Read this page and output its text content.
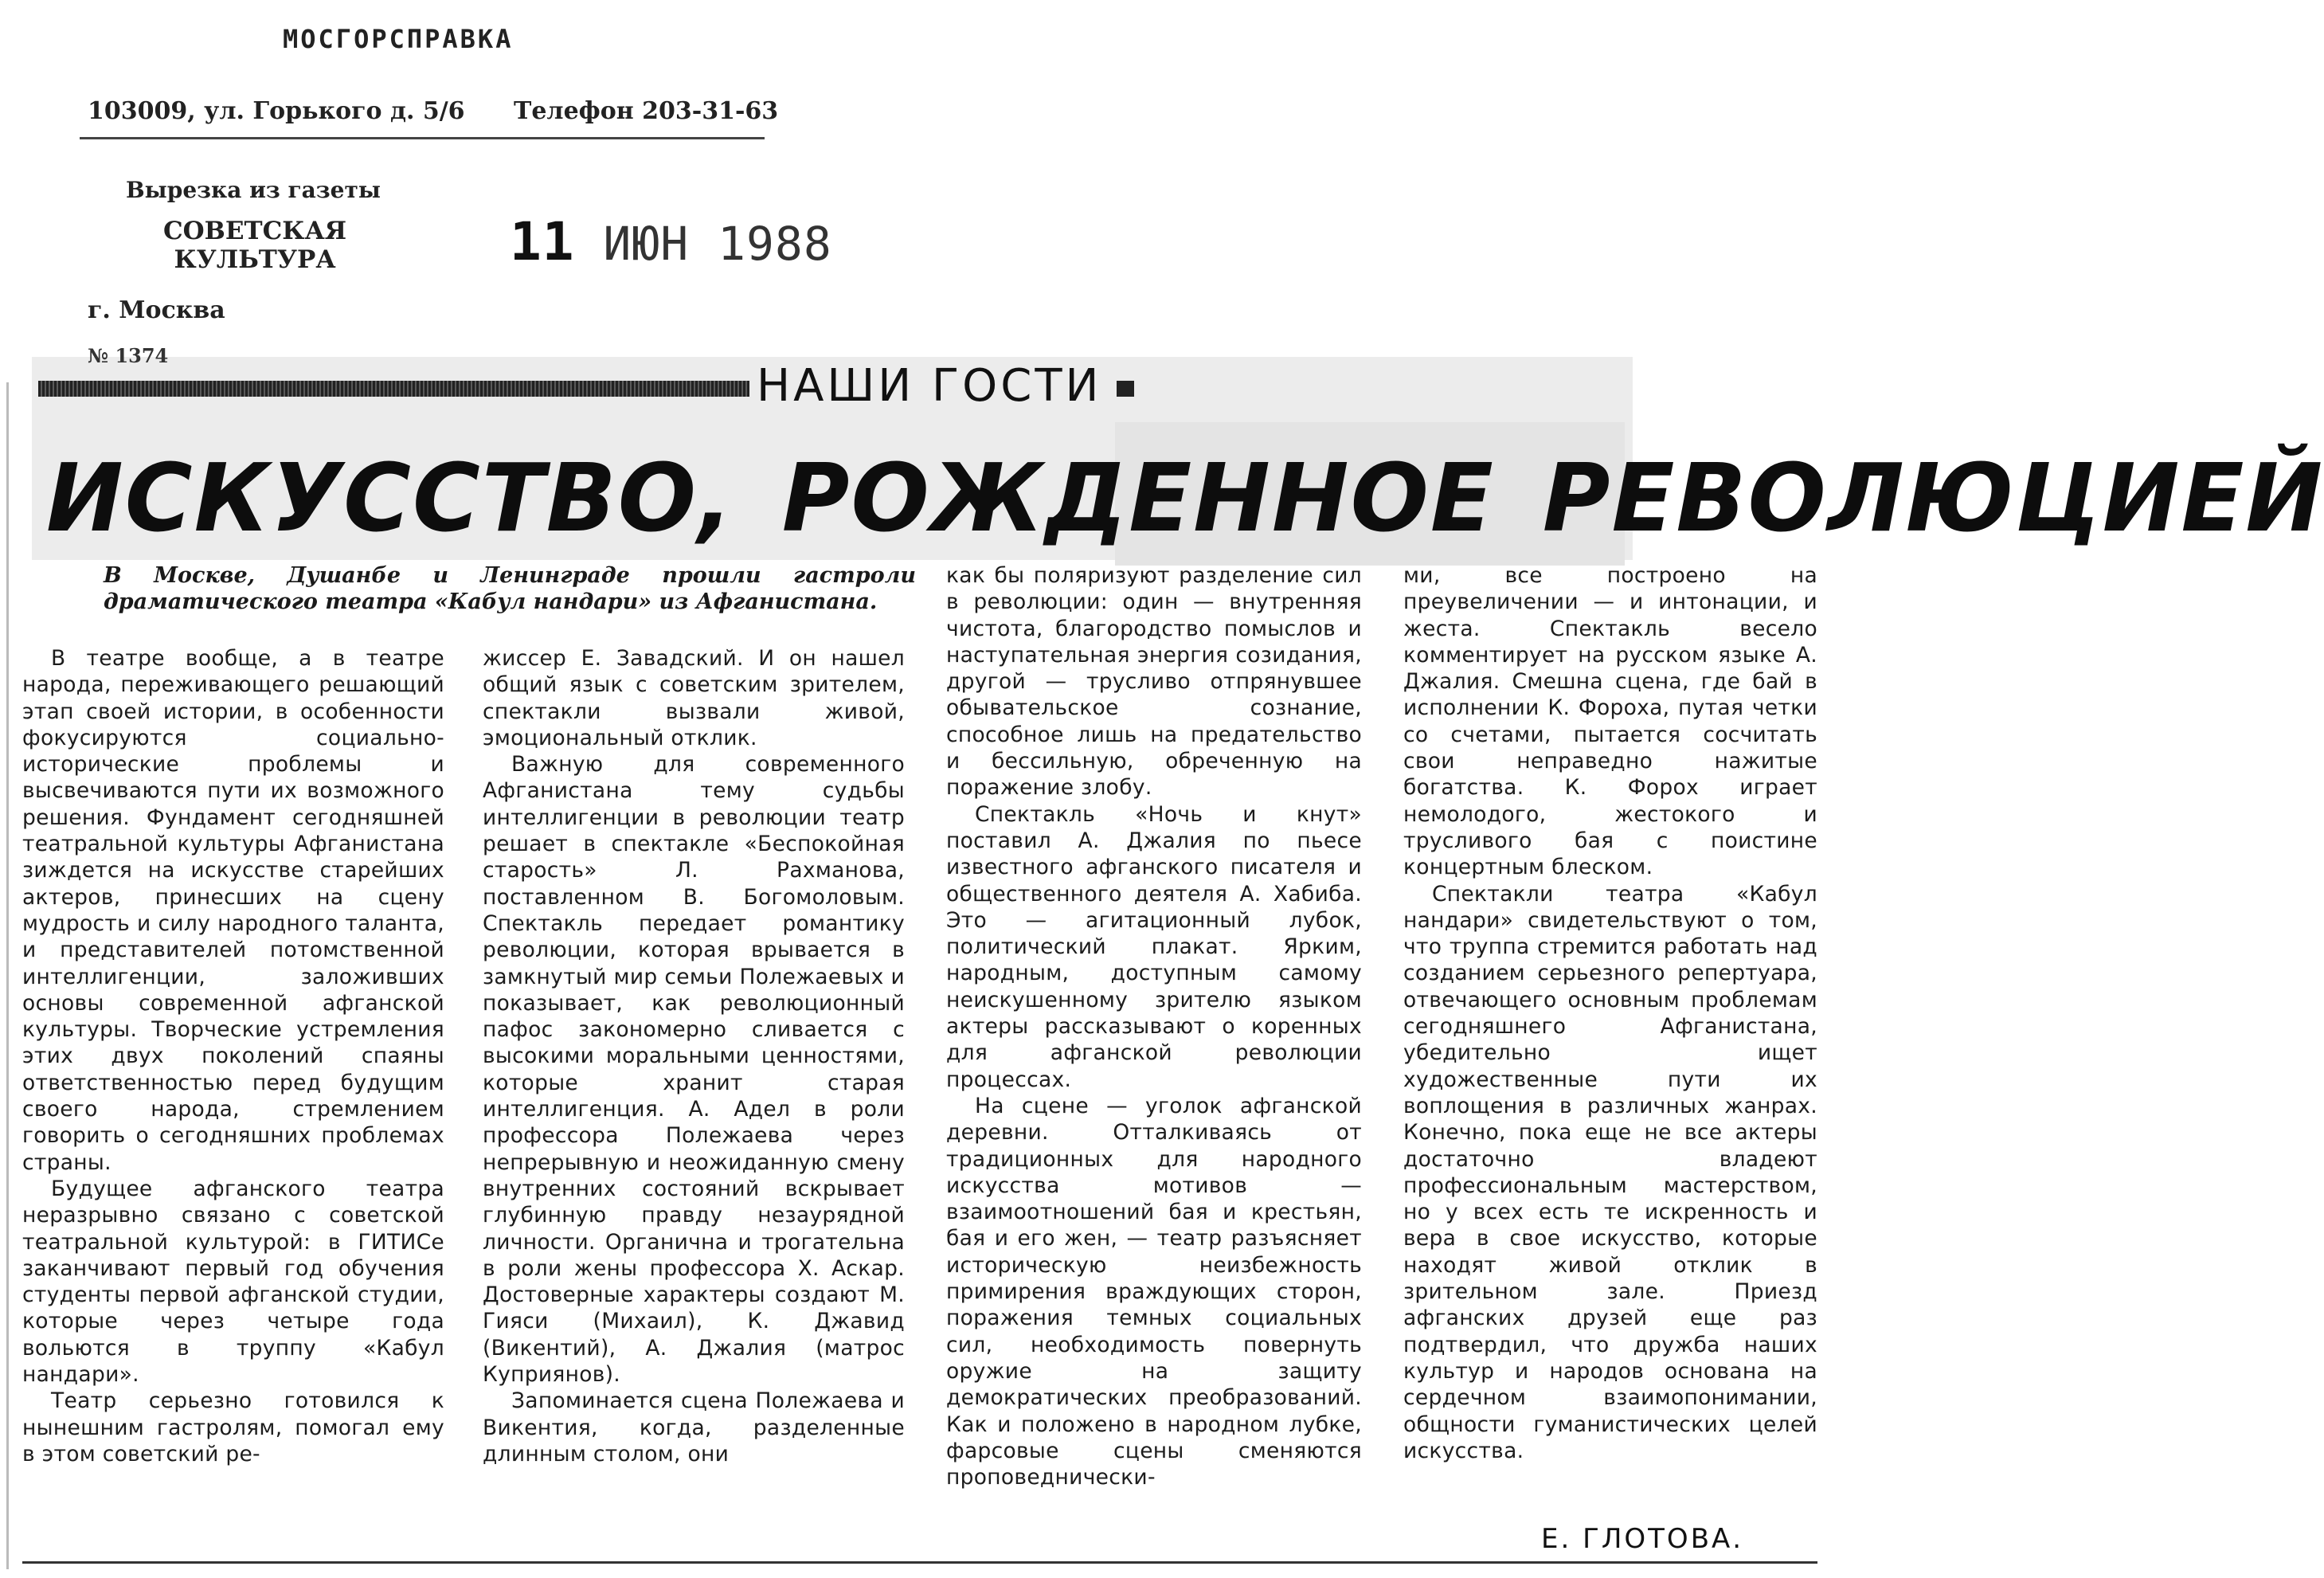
МОСГОРСПРАВКА
103009, ул. Горького д. 5/6 Телефон 203-31-63
Вырезка из газеты
СОВЕТСКАЯ
КУЛЬТУРА	11 ИЮН 1988
г. Москва
№ 1374
НАШИ ГОСТИ
ИСКУССТВО, РОЖДЕННОЕ РЕВОЛЮЦИЕЙ
В Москве, Душанбе и Ленинграде прошли гастроли драматического театра «Кабул нандари» из Афганистана.

В театре вообще, а в театре народа, переживающего решающий этап своей истории, в особенности фокусируются социально-исторические проблемы и высвечиваются пути их возможного решения. Фундамент сегодняшней театральной культуры Афганистана зиждется на искусстве старейших актеров, принесших на сцену мудрость и силу народного таланта, и представителей потомственной интеллигенции, заложивших основы современной афганской культуры. Творческие устремления этих двух поколений спаяны ответственностью перед будущим своего народа, стремлением говорить о сегодняшних проблемах страны.

Будущее афганского театра неразрывно связано с советской театральной культурой: в ГИТИСе заканчивают первый год обучения студенты первой афганской студии, которые через четыре года вольются в труппу «Кабул нандари».

Театр серьезно готовился к нынешним гастролям, помогал ему в этом советский ре-

жиссер Е. Завадский. И он нашел общий язык с советским зрителем, спектакли вызвали живой, эмоциональный отклик.

Важную для современного Афганистана тему судьбы интеллигенции в революции театр решает в спектакле «Беспокойная старость» Л. Рахманова, поставленном В. Богомоловым. Спектакль передает романтику революции, которая врывается в замкнутый мир семьи Полежаевых и показывает, как революционный пафос закономерно сливается с высокими моральными ценностями, которые хранит старая интеллигенция. А. Адел в роли профессора Полежаева через непрерывную и неожиданную смену внутренних состояний вскрывает глубинную правду незаурядной личности. Органична и трогательна в роли жены профессора Х. Аскар. Достоверные характеры создают М. Гияси (Михаил), К. Джавид (Викентий), А. Джалия (матрос Куприянов).

Запоминается сцена Полежаева и Викентия, когда, разделенные длинным столом, они

как бы поляризуют разделение сил в революции: один — внутренняя чистота, благородство помыслов и наступательная энергия созидания, другой — трусливо отпрянувшее обывательское сознание, способное лишь на предательство и бессильную, обреченную на поражение злобу.

Спектакль «Ночь и кнут» поставил А. Джалия по пьесе известного афганского писателя и общественного деятеля А. Хабиба. Это — агитационный лубок, политический плакат. Ярким, народным, доступным самому неискушенному зрителю языком актеры рассказывают о коренных для афганской революции процессах.

На сцене — уголок афганской деревни. Отталкиваясь от традиционных для народного искусства мотивов — взаимоотношений бая и крестьян, бая и его жен, — театр разъясняет историческую неизбежность примирения враждующих сторон, поражения темных социальных сил, необходимость повернуть оружие на защиту демократических преобразований. Как и положено в народном лубке, фарсовые сцены сменяются проповеднически-

ми, все построено на преувеличении — и интонации, и жеста. Спектакль весело комментирует на русском языке А. Джалия. Смешна сцена, где бай в исполнении К. Фороха, путая четки со счетами, пытается сосчитать свои неправедно нажитые богатства. К. Форох играет немолодого, жестокого и трусливого бая с поистине концертным блеском.

Спектакли театра «Кабул нандари» свидетельствуют о том, что труппа стремится работать над созданием серьезного репертуара, отвечающего основным проблемам сегодняшнего Афганистана, убедительно ищет художественные пути их воплощения в различных жанрах. Конечно, пока еще не все актеры достаточно владеют профессиональным мастерством, но у всех есть те искренность и вера в свое искусство, которые находят живой отклик в зрительном зале. Приезд афганских друзей еще раз подтвердил, что дружба наших культур и народов основана на сердечном взаимопонимании, общности гуманистических целей искусства.

Е. ГЛОТОВА.
